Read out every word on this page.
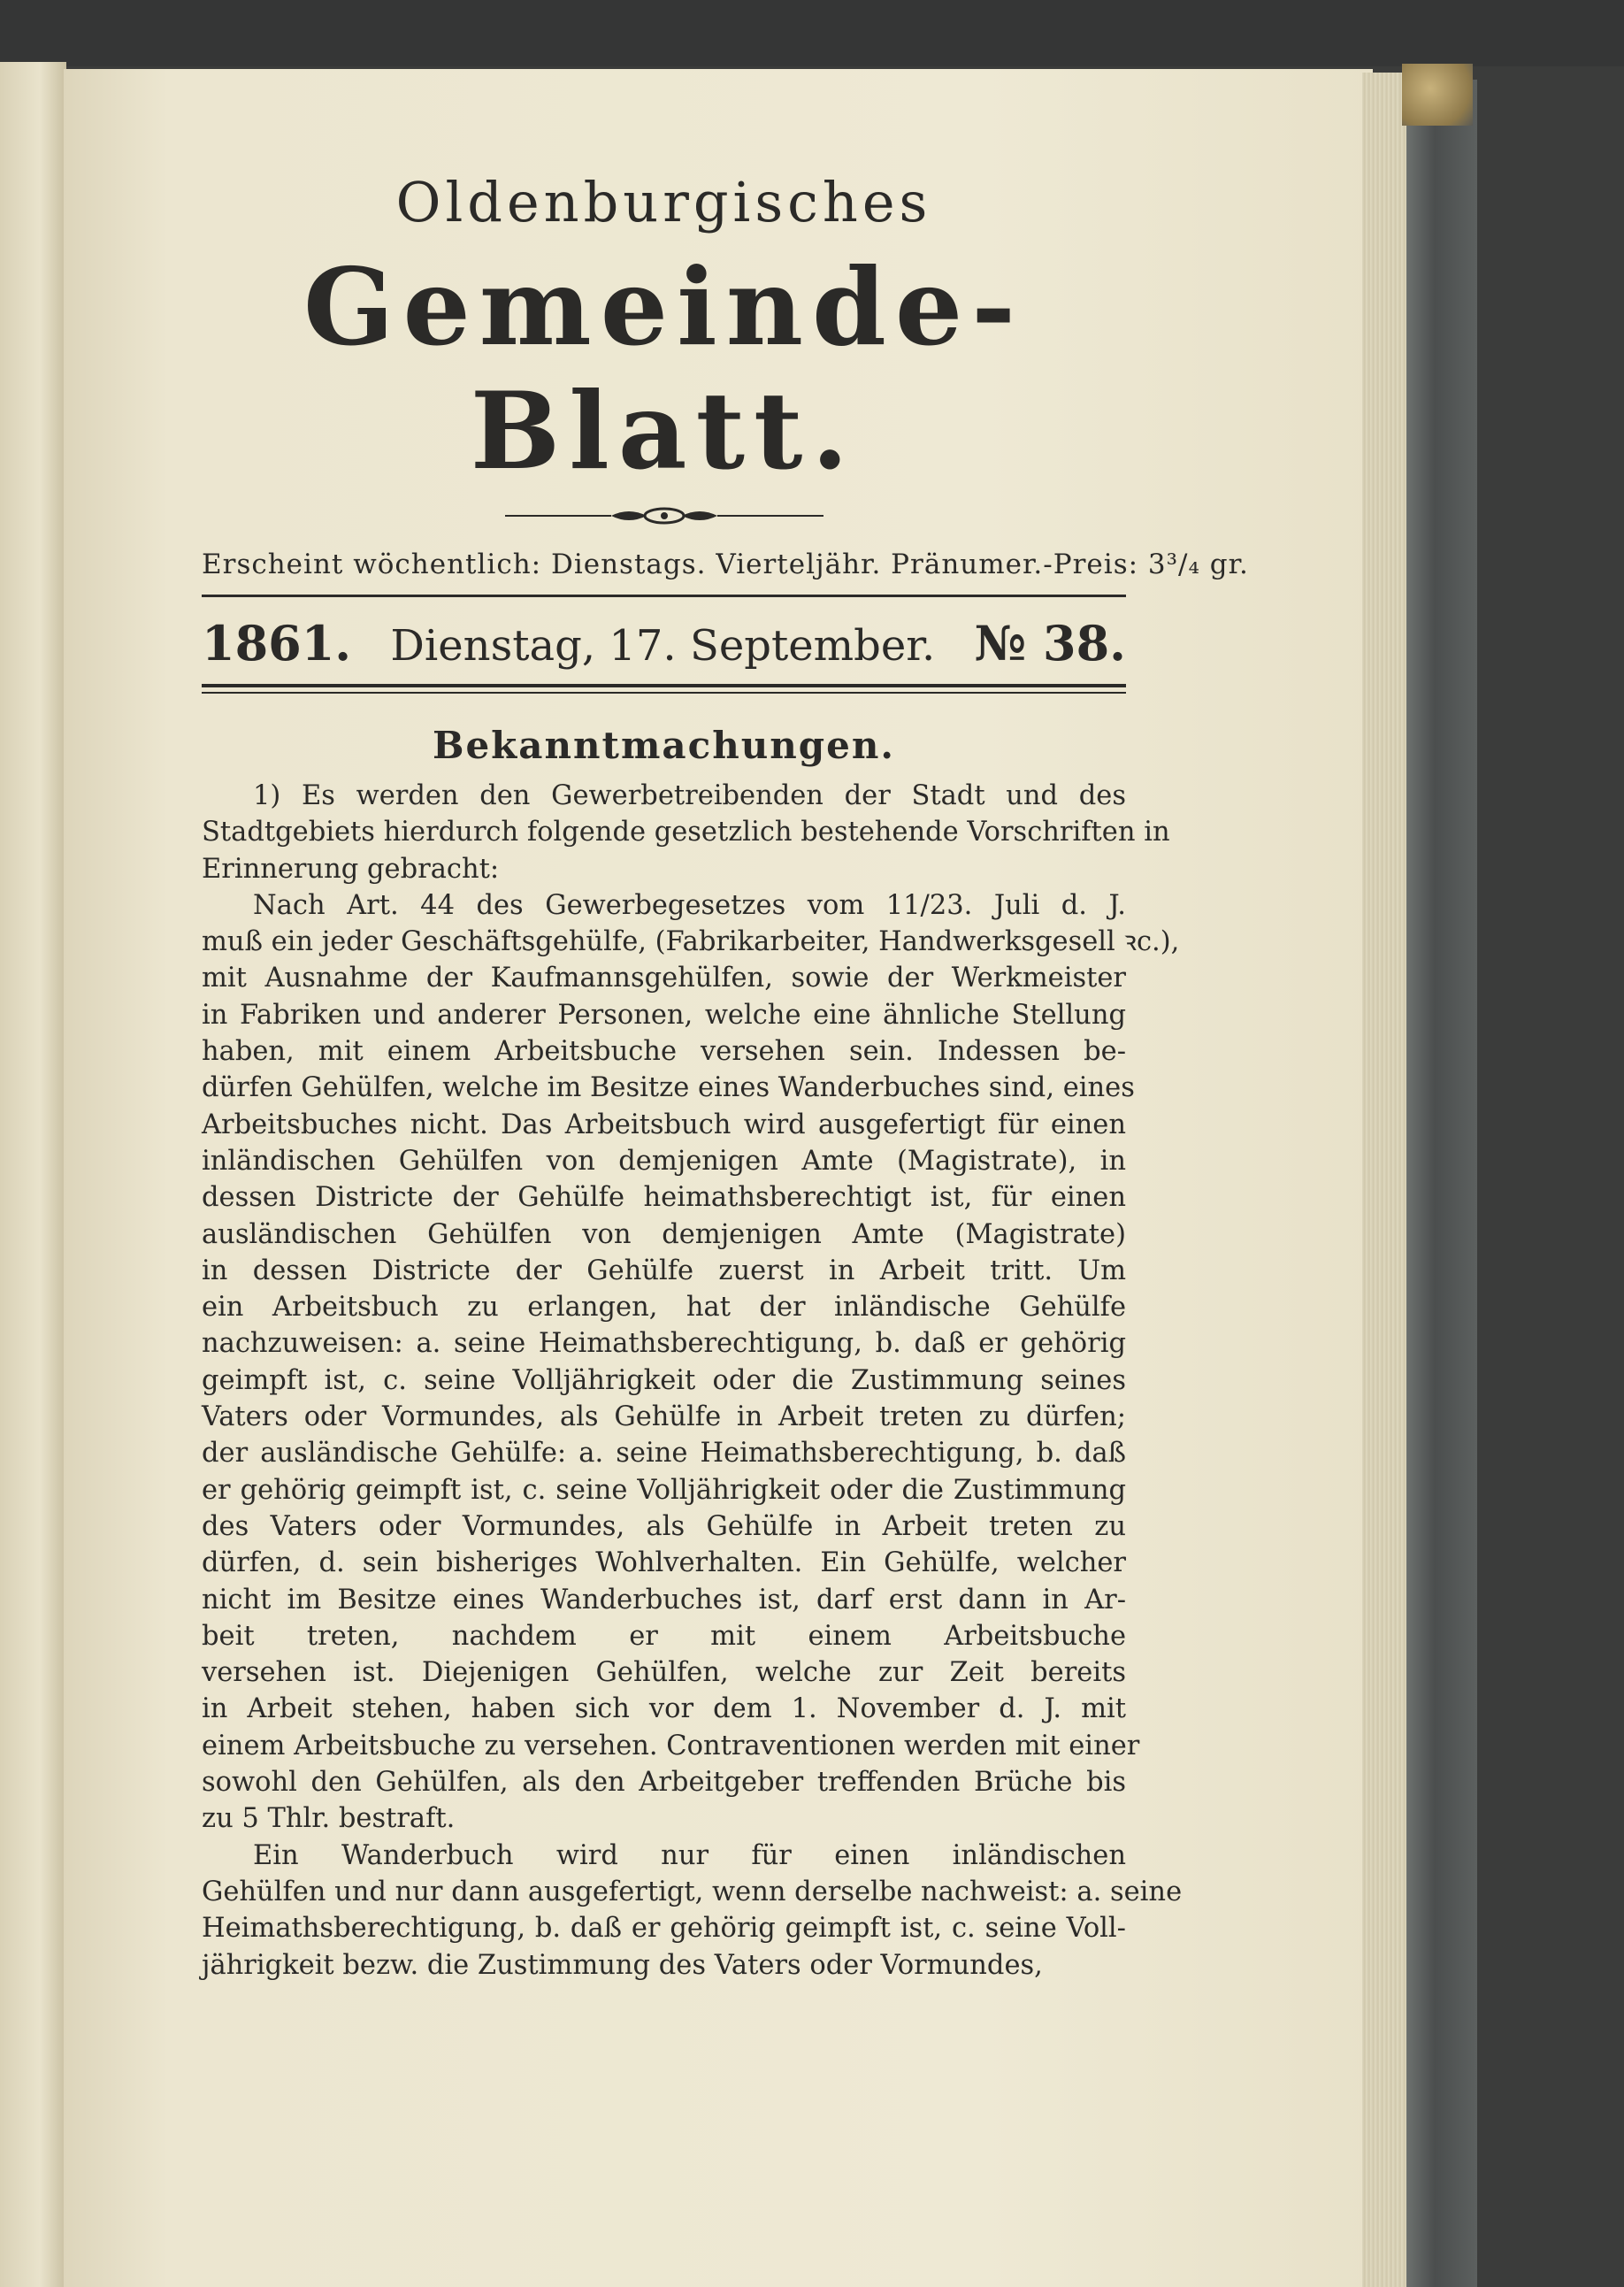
Oldenburgisches
Gemeinde-Blatt.
Erscheint wöchentlich: Dienstags. Vierteljähr. Pränumer.-Preis: 3³/₄ gr.
1861. Dienstag, 17. September. № 38.
Bekanntmachungen.

1) Es werden den Gewerbetreibenden der Stadt und des
Stadtgebiets hierdurch folgende gesetzlich bestehende Vorschriften in
Erinnerung gebracht:

Nach Art. 44 des Gewerbegesetzes vom 11/23. Juli d. J.
muß ein jeder Geschäftsgehülfe, (Fabrikarbeiter, Handwerksgesell ꝛc.),
mit Ausnahme der Kaufmannsgehülfen, sowie der Werkmeister
in Fabriken und anderer Personen, welche eine ähnliche Stellung
haben, mit einem Arbeitsbuche versehen sein. Indessen be-
dürfen Gehülfen, welche im Besitze eines Wanderbuches sind, eines
Arbeitsbuches nicht. Das Arbeitsbuch wird ausgefertigt für einen
inländischen Gehülfen von demjenigen Amte (Magistrate), in
dessen Districte der Gehülfe heimathsberechtigt ist, für einen
ausländischen Gehülfen von demjenigen Amte (Magistrate)
in dessen Districte der Gehülfe zuerst in Arbeit tritt. Um
ein Arbeitsbuch zu erlangen, hat der inländische Gehülfe
nachzuweisen: a. seine Heimathsberechtigung, b. daß er gehörig
geimpft ist, c. seine Volljährigkeit oder die Zustimmung seines
Vaters oder Vormundes, als Gehülfe in Arbeit treten zu dürfen;
der ausländische Gehülfe: a. seine Heimathsberechtigung, b. daß
er gehörig geimpft ist, c. seine Volljährigkeit oder die Zustimmung
des Vaters oder Vormundes, als Gehülfe in Arbeit treten zu
dürfen, d. sein bisheriges Wohlverhalten. Ein Gehülfe, welcher
nicht im Besitze eines Wanderbuches ist, darf erst dann in Ar-
beit treten, nachdem er mit einem Arbeitsbuche
versehen ist. Diejenigen Gehülfen, welche zur Zeit bereits
in Arbeit stehen, haben sich vor dem 1. November d. J. mit
einem Arbeitsbuche zu versehen. Contraventionen werden mit einer
sowohl den Gehülfen, als den Arbeitgeber treffenden Brüche bis
zu 5 Thlr. bestraft.

Ein Wanderbuch wird nur für einen inländischen
Gehülfen und nur dann ausgefertigt, wenn derselbe nachweist: a. seine
Heimathsberechtigung, b. daß er gehörig geimpft ist, c. seine Voll-
jährigkeit bezw. die Zustimmung des Vaters oder Vormundes,
